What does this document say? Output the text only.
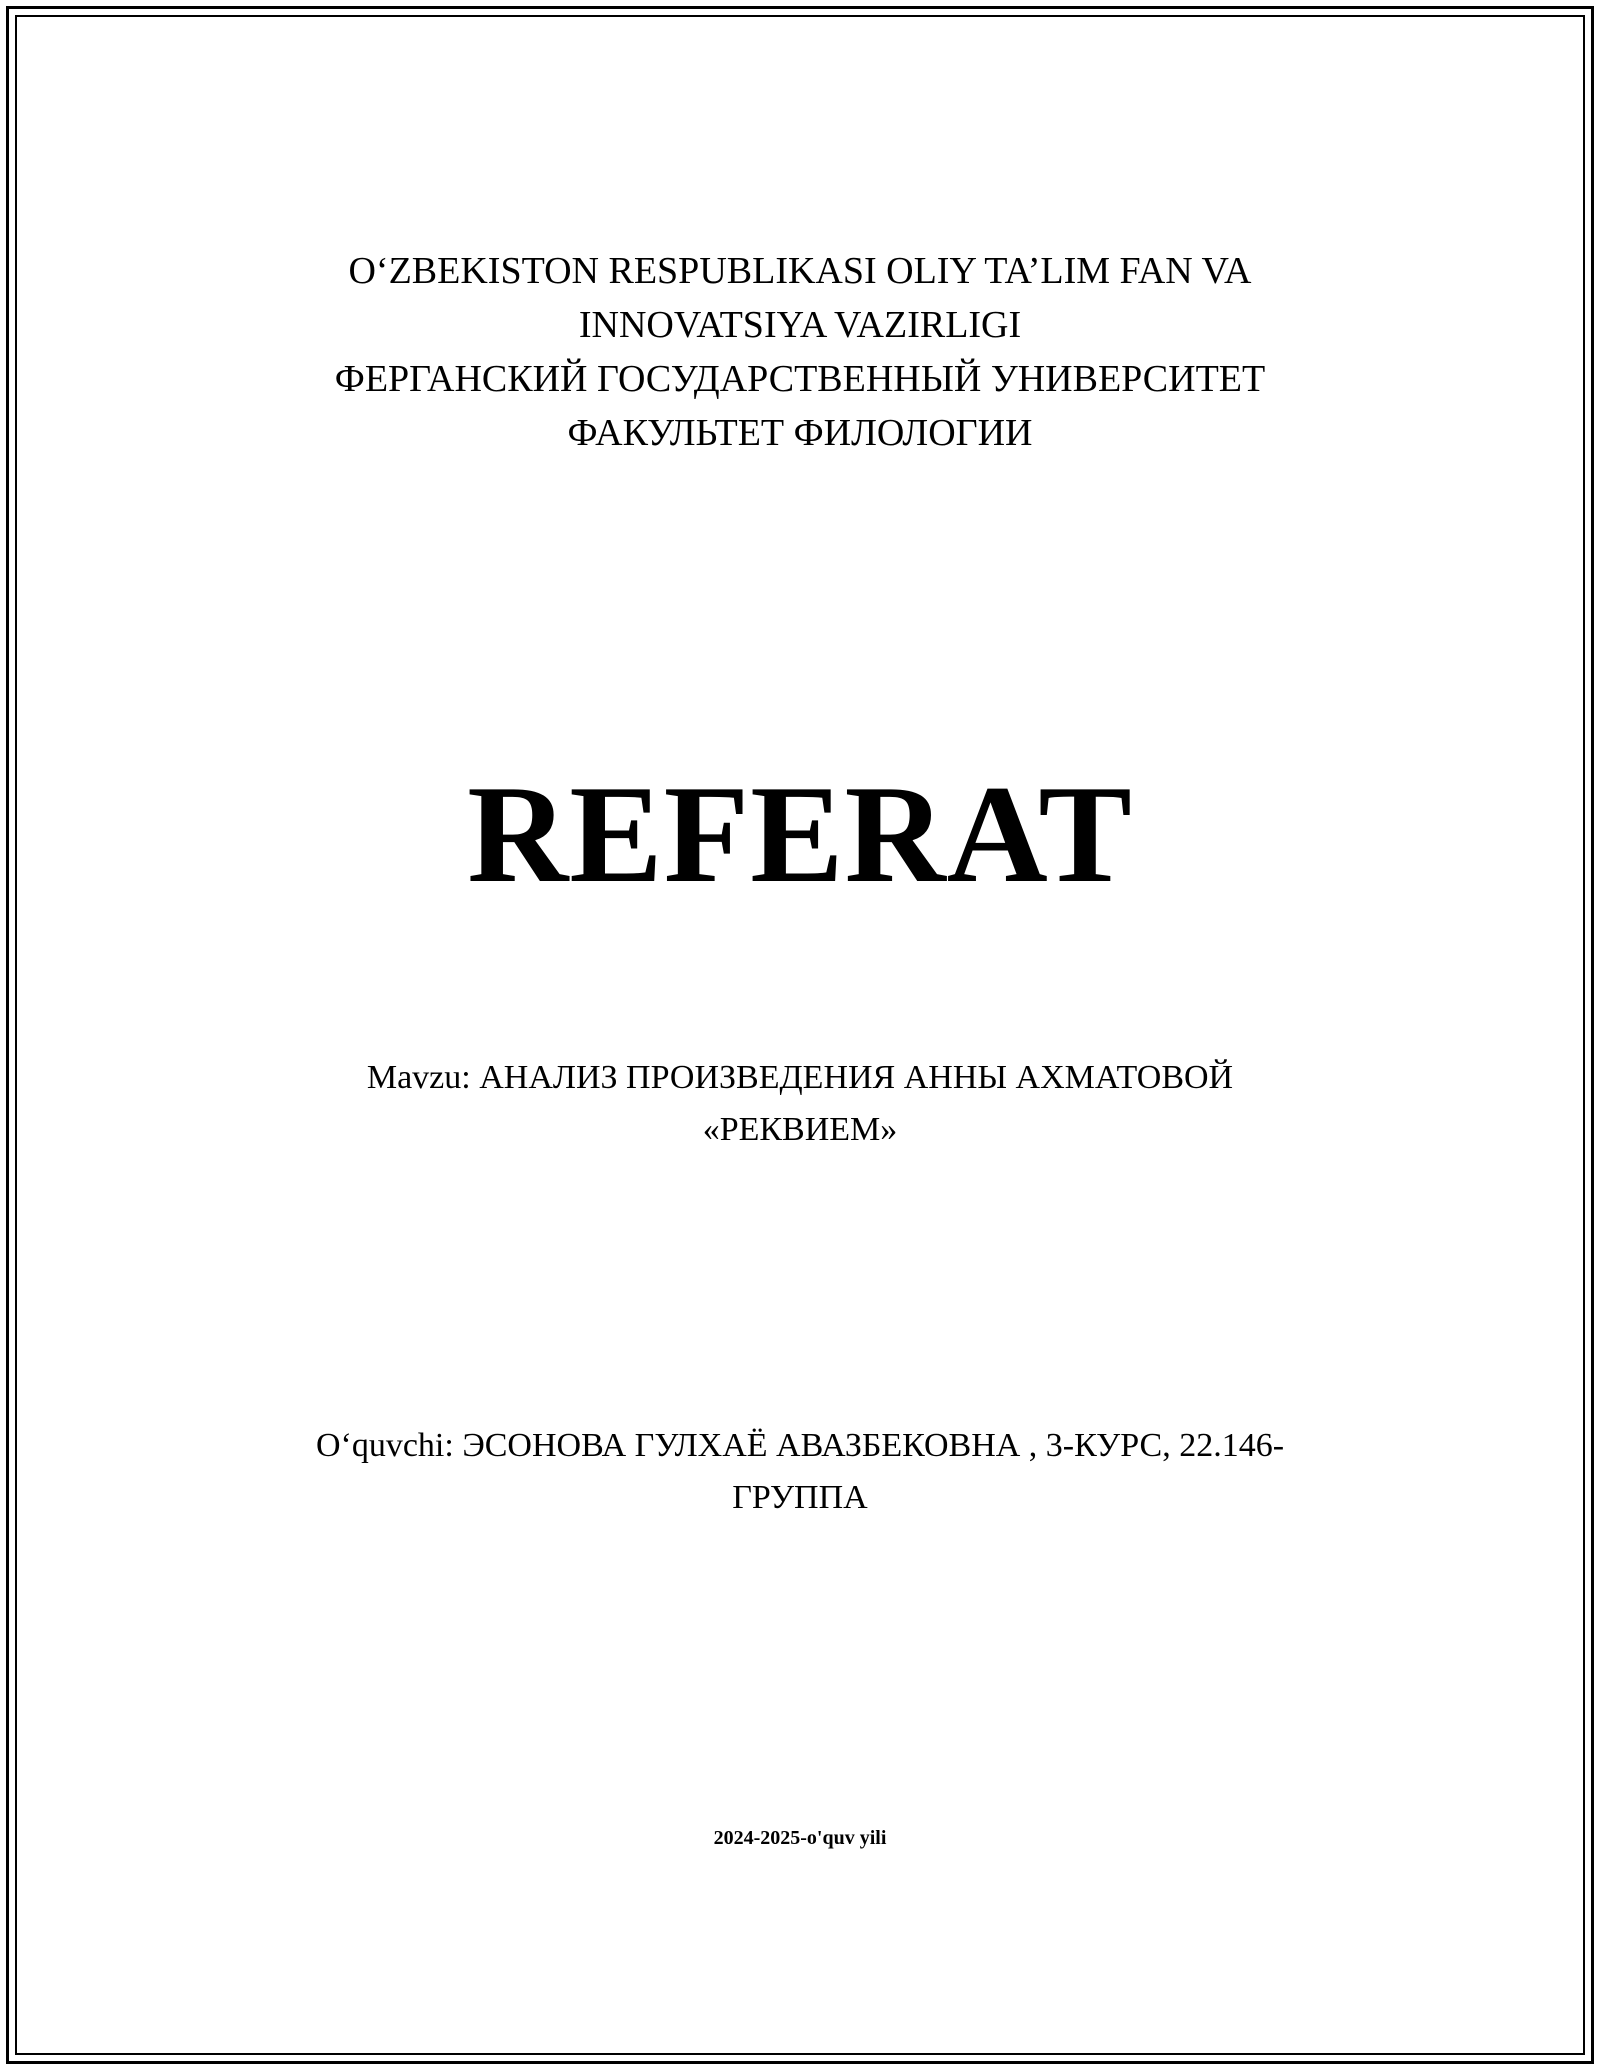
O‘ZBEKISTON RESPUBLIKASI OLIY TA’LIM FAN VA
INNOVATSIYA VAZIRLIGI
ФЕРГАНСКИЙ ГОСУДАРСТВЕННЫЙ УНИВЕРСИТЕТ
ФАКУЛЬТЕТ ФИЛОЛОГИИ
REFERAT
Mavzu: АНАЛИЗ ПРОИЗВЕДЕНИЯ АННЫ АХМАТОВОЙ
«РЕКВИЕМ»
O‘quvchi: ЭСОНОВА ГУЛХАЁ АВАЗБЕКОВНА , 3-КУРС, 22.146-
ГРУППА
2024-2025-o'quv yili
